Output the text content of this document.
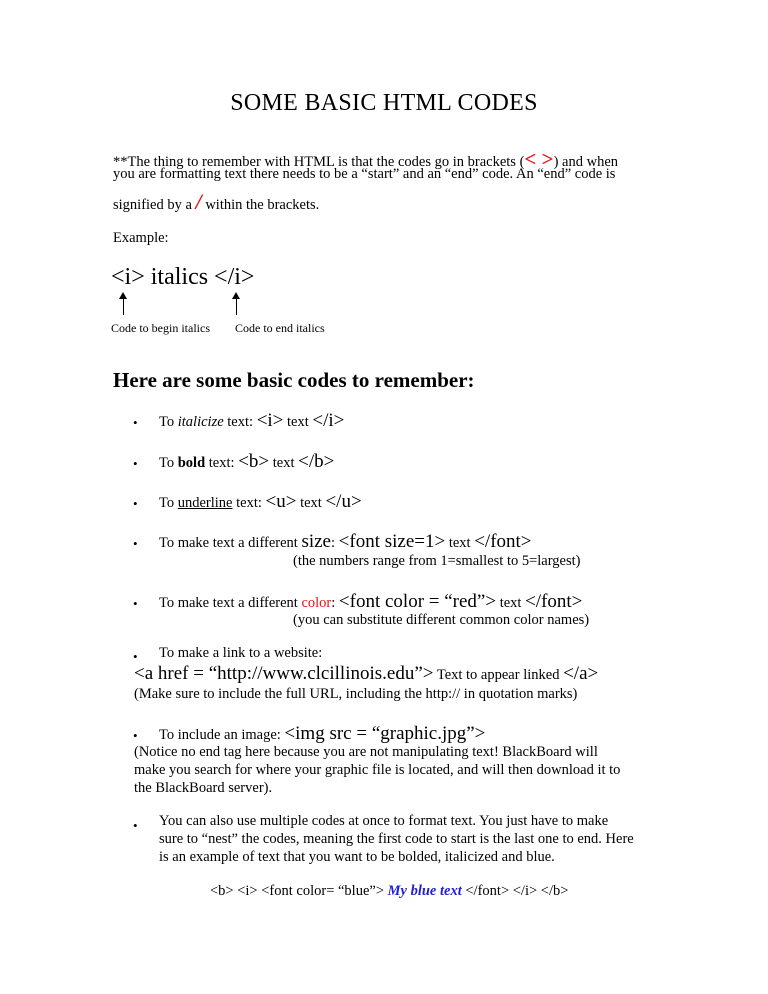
SOME BASIC HTML CODES
**The thing to remember with HTML is that the codes go in brackets (< >) and when
you are formatting text there needs to be a “start” and an “end” code. An “end” code is
signified by a / within the brackets.
Example:
<i> italics </i>
Code to begin italics Code to end italics
Here are some basic codes to remember:
• To italicize text: <i> text </i>
• To bold text: <b> text </b>
• To underline text: <u> text </u>
• To make text a different size: <font size=1> text </font>
(the numbers range from 1=smallest to 5=largest)
• To make text a different color: <font color = “red”> text </font>
(you can substitute different common color names)
• To make a link to a website:
<a href = “http://www.clcillinois.edu”> Text to appear linked </a>
(Make sure to include the full URL, including the http:// in quotation marks)
• To include an image: <img src = “graphic.jpg”>
(Notice no end tag here because you are not manipulating text! BlackBoard will
make you search for where your graphic file is located, and will then download it to
the BlackBoard server).
• You can also use multiple codes at once to format text. You just have to make
sure to “nest” the codes, meaning the first code to start is the last one to end. Here
is an example of text that you want to be bolded, italicized and blue.
<b> <i> <font color= “blue”> My blue text </font> </i> </b>
